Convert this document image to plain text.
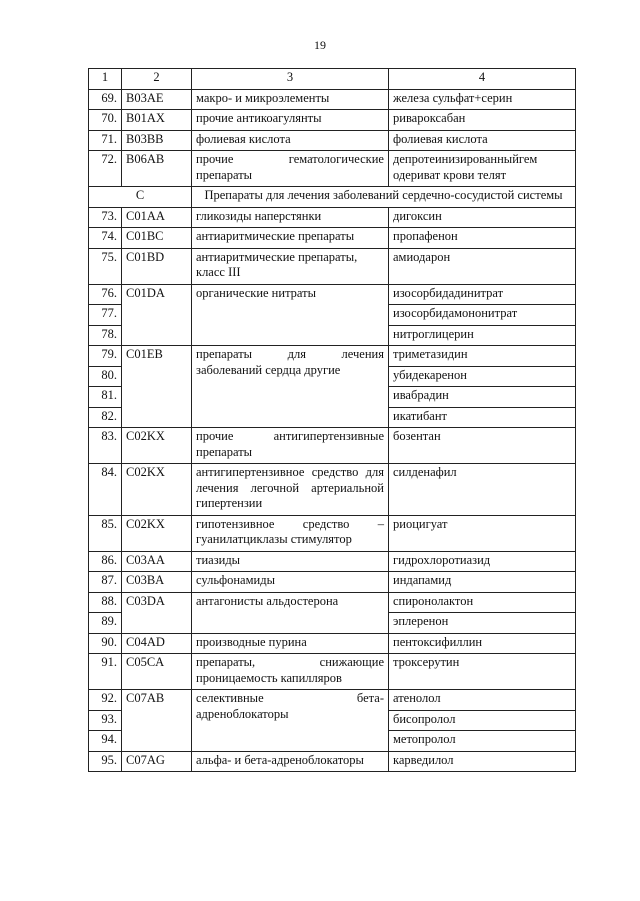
19
1	2	3	4
69.	B03AE	макро- и микроэлементы	железа сульфат+серин
70.	B01AX	прочие антикоагулянты	ривароксабан
71.	B03BB	фолиевая кислота	фолиевая кислота
72.	B06AB	прочие гематологические препараты	депротеинизированныйгем одериват крови телят
C		Препараты для лечения заболеваний сердечно-сосудистой системы	
73.	C01AA	гликозиды наперстянки	дигоксин
74.	C01BC	антиаритмические препараты	пропафенон
75.	C01BD	антиаритмические препараты, класс III	амиодарон
76.	C01DA	органические нитраты	изосорбидадинитрат
77.			изосорбидамононитрат
78.			нитроглицерин
79.	C01EB	препараты для лечения заболеваний сердца другие	триметазидин
80.			убидекаренон
81.			ивабрадин
82.			икатибант
83.	C02KX	прочие антигипертензивные препараты	бозентан
84.	C02KX	антигипертензивное средство для лечения легочной артериальной гипертензии	силденафил
85.	C02KX	гипотензивное средство – гуанилатциклазы стимулятор	риоцигуат
86.	C03AA	тиазиды	гидрохлоротиазид
87.	C03BA	сульфонамиды	индапамид
88.	C03DA	антагонисты альдостерона	спиронолактон
89.			эплеренон
90.	C04AD	производные пурина	пентоксифиллин
91.	C05CA	препараты, снижающие проницаемость капилляров	троксерутин
92.	C07AB	селективные бета-адреноблокаторы	атенолол
93.			бисопролол
94.			метопролол
95.	C07AG	альфа- и бета-адреноблокаторы	карведилол
